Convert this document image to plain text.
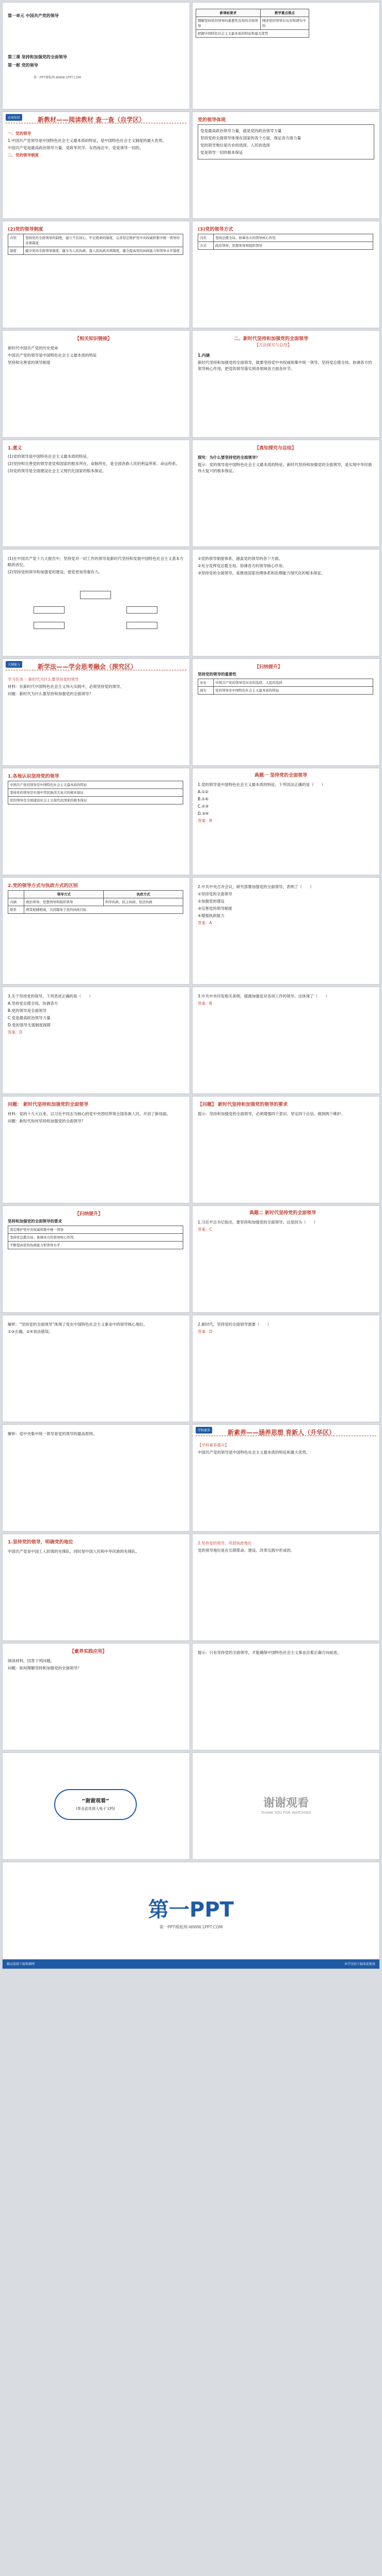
第一单元 中国共产党的领导
第三课 坚持和加强党的全面领导
第一框 党的领导
第一PPT模板网-WWW.1PPT.COM
新课标要求	教学重点难点
理解坚持党的领导的重要性及党的全面领导	阐述党的领导在历史和现实中的
把握中国特色社会主义最本质的特征和最大优势	
必备知识	新教材——阅读教材 查一查（自学区）
一、党的领导
1.中国共产党领导是中国特色社会主义最本质的特征，是中国特色社会主义制度的最大优势。
中国共产党是最高政治领导力量，党政军民学、东西南北中，党是领导一切的。
二、党的领导制度
党的领导体现
党是最高政治领导力量，就是党的政治领导力量
坚持党的全面领导体现在国家的各个方面，保证各方面力量
党的领导地位是历史的选择、人民的选择
党是领导一切的根本保证
(2)党的领导制度
内容	坚持党的全面领导的制度，建立不忘初心、牢记使命的制度，完善坚定维护党中央权威和集中统一领导的各项制度
制度	健全党的全面领导制度，健全为人民执政、靠人民执政各项制度，健全提高党的执政能力和领导水平制度
(3)党的领导方式
内容	坚持总揽全局、协调各方的领导核心作用
方式	政治领导、思想领导和组织领导
【相关知识链接】
新时代中国共产党的历史使命
中国共产党的领导是中国特色社会主义最本质的特征
坚持和完善党的领导制度
二、新时代坚持和加强党的全面领导
【方法探究与总结】
1.内涵
新时代坚持和加强党的全面领导，就要坚持党中央权威和集中统一领导，坚持党总揽全局、协调各方的领导核心作用，把党的领导落实到各领域各方面各环节。
1.意义
(1)党的领导是中国特色社会主义最本质的特征。
(2)坚持和完善党的领导是党和国家的根本所在、命脉所在，是全国各族人民的利益所系、命运所系。
(3)党的领导是全面建设社会主义现代化国家的根本保证。
【真知探究与总结】
探究：为什么要坚持党的全面领导？
提示：党的领导是中国特色社会主义最本质的特征。新时代坚持和加强党的全面领导，是实现中华民族伟大复兴的根本保证。
(1)在中国共产党十九大报告中，坚持党对一切工作的领导是新时代坚持和发展中国特色社会主义基本方略的首位。
(2)坚持党的领导和加强党的建设，使党更加坚强有力。
①党的领导制度体系，涵盖党的领导的各个方面。
②充分发挥党总揽全局、协调各方的领导核心作用。
③坚持党的全面领导，是推进国家治理体系和治理能力现代化的根本保证。
关键能力	新学法——学会思考融会（探究区）
学习任务一 新时代为什么要坚持党的领导
材料：在新时代中国特色社会主义伟大实践中，必须坚持党的领导。
问题：新时代为什么要坚持和加强党的全面领导？
【归纳提升】
坚持党的领导的重要性
历史	中国共产党的领导是历史的选择、人民的选择
现实	党的领导是中国特色社会主义最本质的特征
1.各地认识坚持党的领导
中国共产党的领导是中国特色社会主义最本质的特征
坚持党的领导是实现中华民族伟大复兴的根本保证
党的领导是全面建设社会主义现代化国家的根本保证
典题一 坚持党的全面领导
1.党的领导是中国特色社会主义最本质的特征。下列说法正确的是（　　）
A.①②
B.①④
C.②③
D.③④
答案：B
2.党的领导方式与执政方式的区别
	领导方式	执政方式
内涵	政治领导、思想领导和组织领导	科学执政、民主执政、依法执政
联系	两者相辅相成，共同服务于党的执政目标	
2.中共中央召开会议，研究部署加强党的全面领导，表明了（　　）
①坚持党的全面领导
②加强党的建设
③完善党的领导制度
④增强执政能力
答案：A
3.关于坚持党的领导，下列表述正确的是（　　）
A.坚持党总揽全局、协调各方
B.党的领导是全面领导
C.党是最高政治领导力量
D.党的领导无需制度保障
答案：D
3.中共中央印发相关条例，强调加强党对各项工作的领导。这体现了（　　）
答案：B
问题： 新时代坚持和加强党的全面领导
材料：党的十九大以来，以习近平同志为核心的党中央团结带领全国各族人民，开创了新局面。
问题：新时代如何坚持和加强党的全面领导？
【问题】 新时代坚持和加强党的领导的要求
提示：坚持和加强党的全面领导，必须增强四个意识、坚定四个自信、做到两个维护。
【归纳提升】
坚持和加强党的全面领导的要求
坚定维护党中央权威和集中统一领导
坚持党总揽全局、协调各方的领导核心作用
不断提高党的执政能力和领导水平
典题二 新时代坚持党的全面领导
1.习近平总书记指出，要坚持和加强党的全面领导。这是因为（　　）
答案：C
解析：“坚持党的全面领导”体现了党在中国特色社会主义事业中的领导核心地位。
①③正确。②④说法错误。
2.新时代，坚持党的全面领导需要（　　）
答案：D
解析：党中央集中统一领导是党的领导的最高原则。
学科素养	新素养——涵养思想 育新人（升华区）
【学科素养提升】
中国共产党的领导是中国特色社会主义最本质的特征和最大优势。
1.坚持党的领导，明确党的地位
中国共产党是中国工人阶级的先锋队，同时是中国人民和中华民族的先锋队。
2.坚持党的领导，巩固执政地位
党的领导地位是在长期革命、建设、改革实践中形成的。
【素养实践应用】
阅读材料，回答下列问题。
问题：如何理解坚持和加强党的全面领导？
提示：只有坚持党的全面领导，才能确保中国特色社会主义事业沿着正确方向前进。
“谢谢观看”
(单击此处进入电子文档)	谢谢观看
THANK YOU FOR WATCHING
第一PPT
第一PPT模板网-WWW.1PPT.COM
精品优质下载资源网	本节完结下载欢迎使用
